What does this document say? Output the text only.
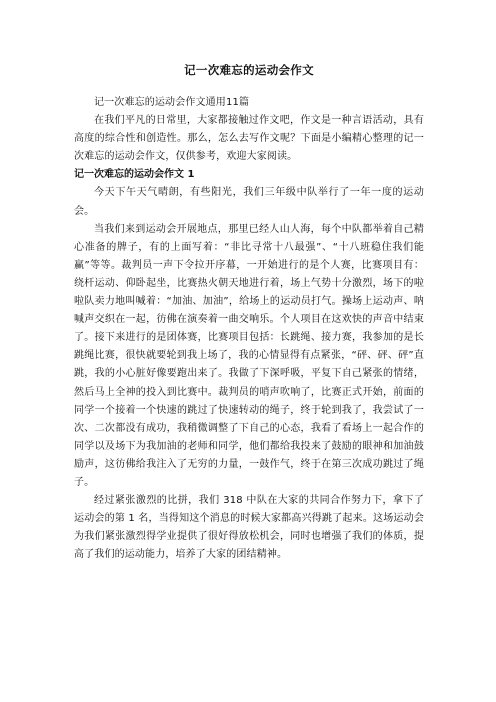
记一次难忘的运动会作文

记一次难忘的运动会作文通用11篇

在我们平凡的日常里，大家都接触过作文吧，作文是一种言语活动，具有高度的综合性和创造性。那么，怎么去写作文呢？下面是小编精心整理的记一次难忘的运动会作文，仅供参考，欢迎大家阅读。

记一次难忘的运动会作文 1

今天下午天气晴朗，有些阳光，我们三年级中队举行了一年一度的运动会。

当我们来到运动会开展地点，那里已经人山人海，每个中队都举着自己精心准备的牌子，有的上面写着：“非比寻常十八最强”、“十八班稳住我们能赢”等等。裁判员一声下令拉开序幕，一开始进行的是个人赛，比赛项目有：绕杆运动、仰卧起坐，比赛热火朝天地进行着，场上气势十分激烈，场下的啦啦队卖力地叫喊着：“加油、加油”，给场上的运动员打气。操场上运动声、呐喊声交织在一起，彷佛在演奏着一曲交响乐。个人项目在这欢快的声音中结束了。接下来进行的是团体赛，比赛项目包括：长跳绳、接力赛，我参加的是长跳绳比赛，很快就要轮到我上场了，我的心情显得有点紧张，“砰、砰、砰”直跳，我的小心脏好像要跑出来了。我做了下深呼吸，平复下自己紧张的情绪，然后马上全神的投入到比赛中。裁判员的哨声吹响了，比赛正式开始，前面的同学一个接着一个快速的跳过了快速转动的绳子，终于轮到我了，我尝试了一次、二次都没有成功，我稍微调整了下自己的心态，我看了看场上一起合作的同学以及场下为我加油的老师和同学，他们都给我投来了鼓励的眼神和加油鼓励声，这彷佛给我注入了无穷的力量，一鼓作气，终于在第三次成功跳过了绳子。

经过紧张激烈的比拼，我们 318 中队在大家的共同合作努力下，拿下了运动会的第 1 名，当得知这个消息的时候大家都高兴得跳了起来。这场运动会为我们紧张激烈得学业提供了很好得放松机会，同时也增强了我们的体质，提高了我们的运动能力，培养了大家的团结精神。
